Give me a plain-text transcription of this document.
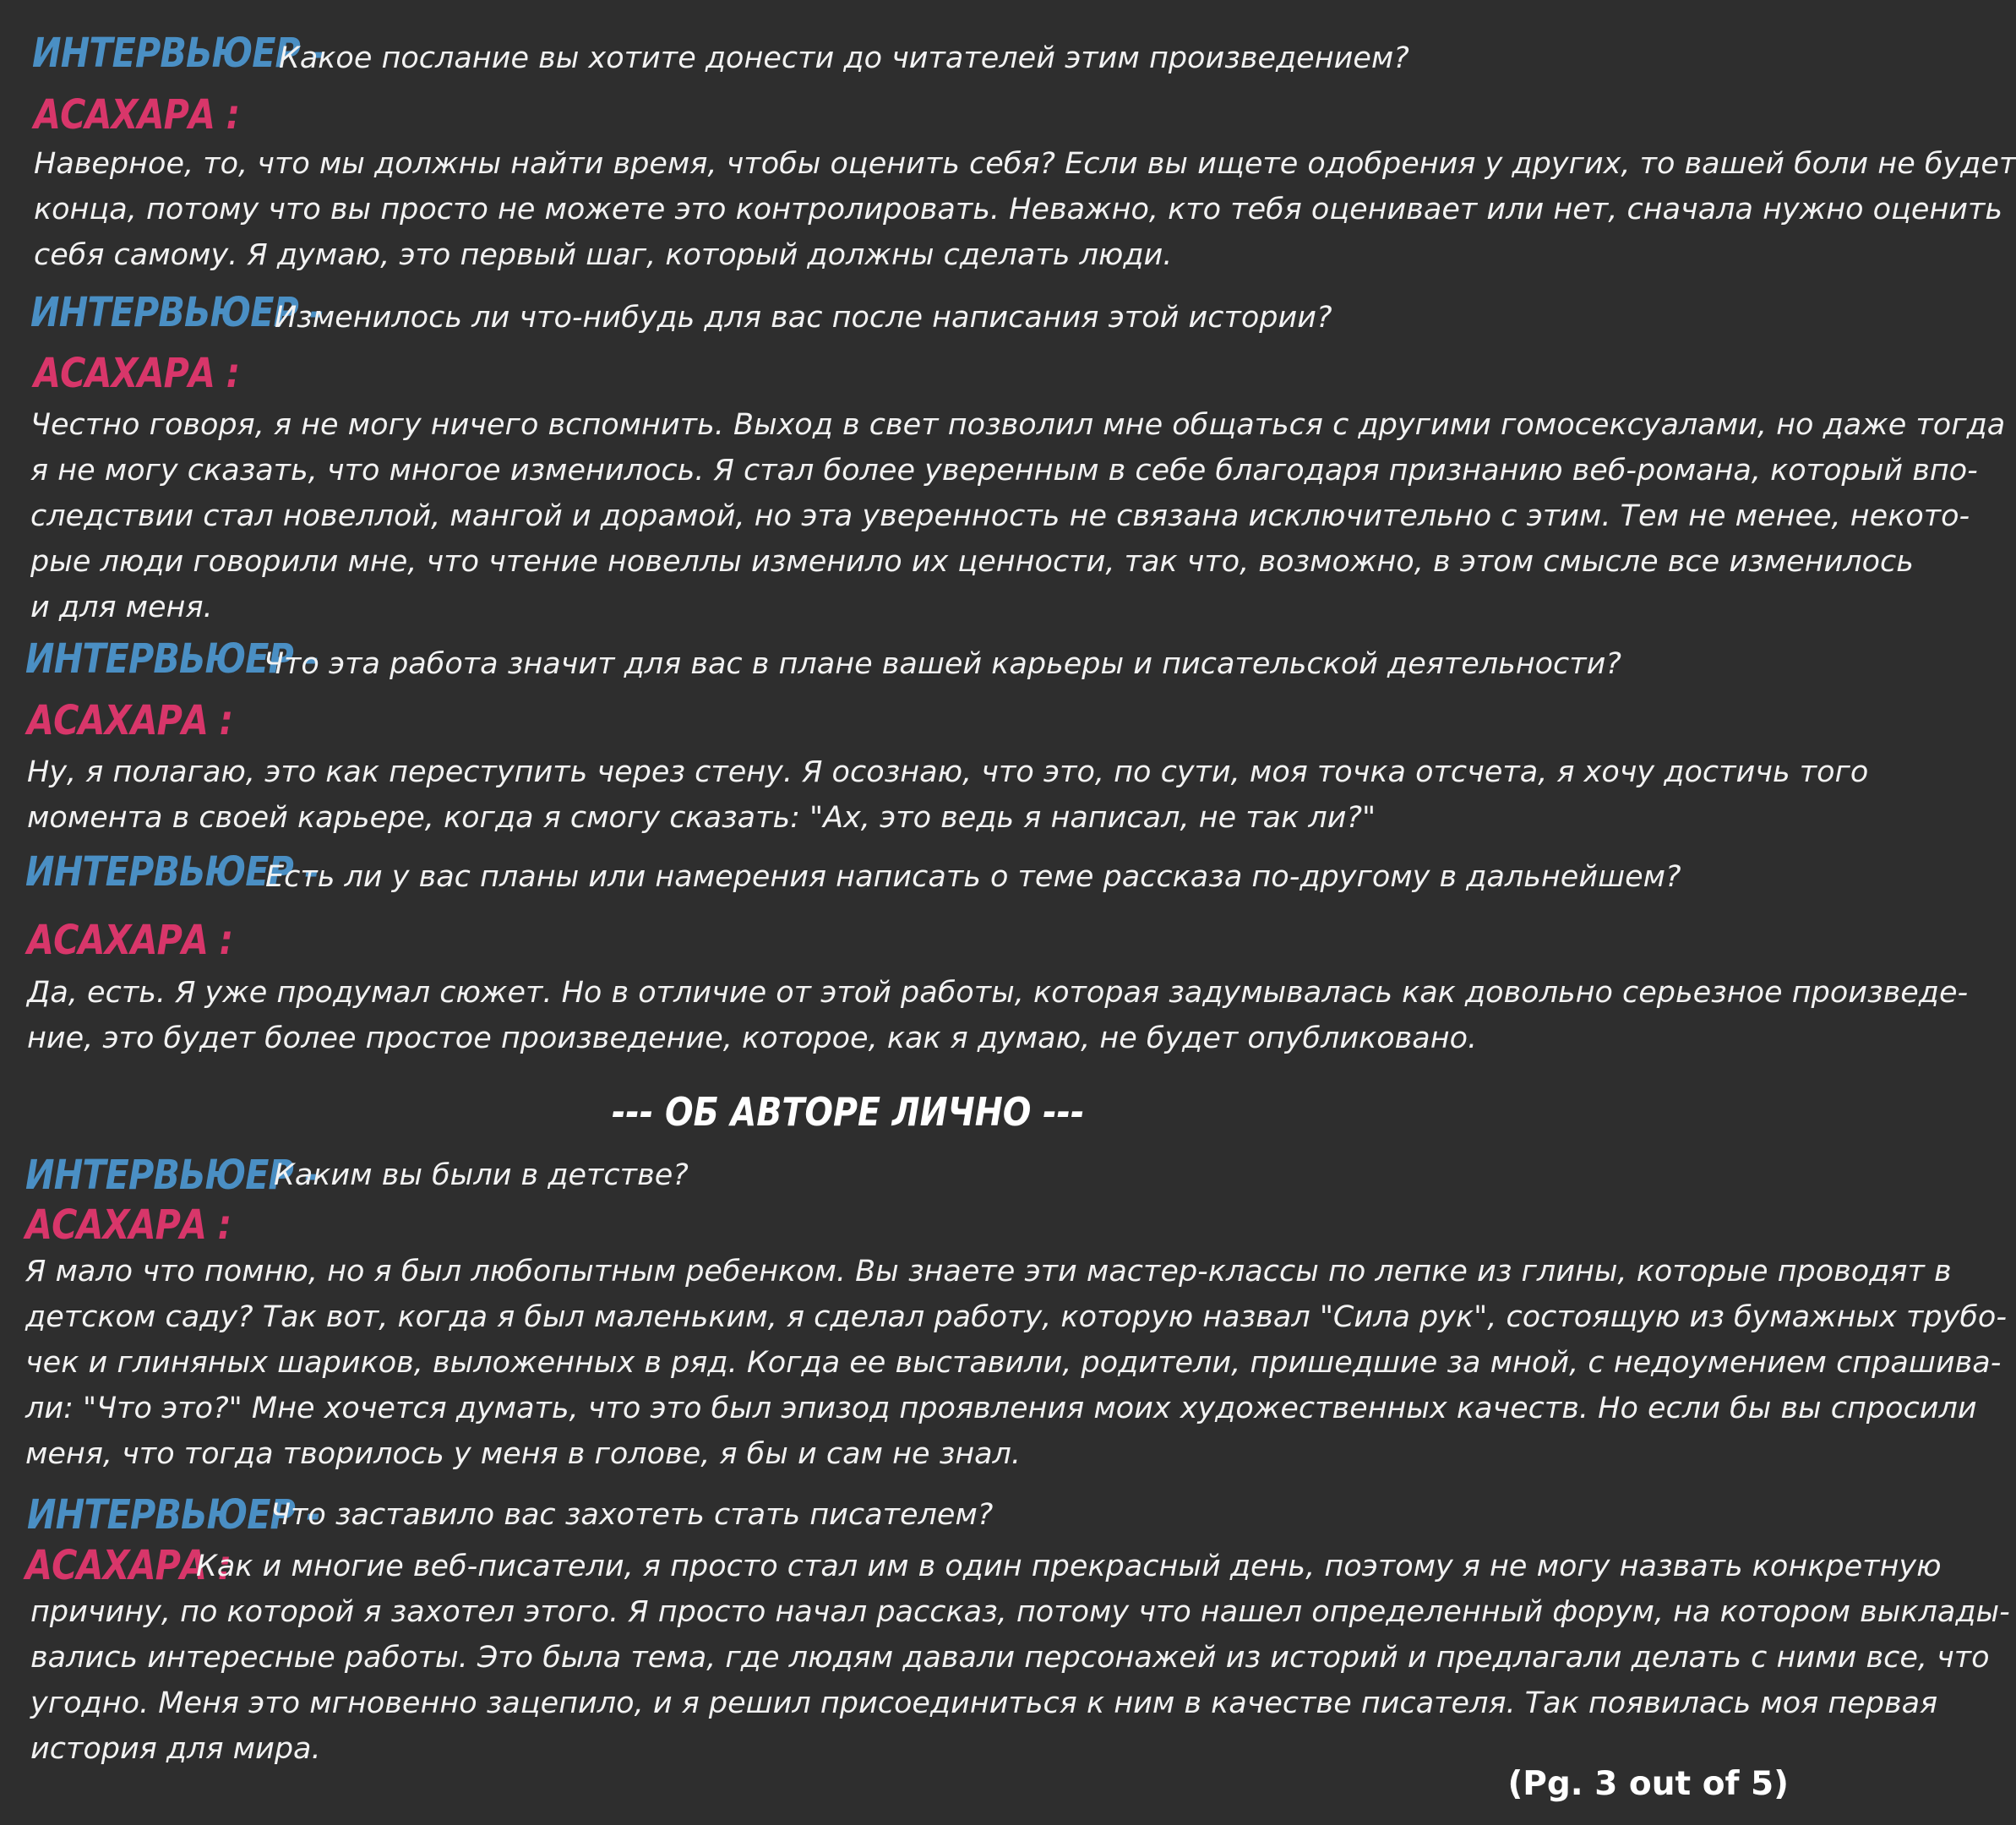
ИНТЕРВЬЮЕР -
Какое послание вы хотите донести до читателей этим произведением?
АСАХАРА :
Наверное, то, что мы должны найти время, чтобы оценить себя? Если вы ищете одобрения у других, то вашей боли не будет
конца, потому что вы просто не можете это контролировать. Неважно, кто тебя оценивает или нет, сначала нужно оценить
себя самому. Я думаю, это первый шаг, который должны сделать люди.
ИНТЕРВЬЮЕР -
Изменилось ли что-нибудь для вас после написания этой истории?
АСАХАРА :
Честно говоря, я не могу ничего вспомнить. Выход в свет позволил мне общаться с другими гомосексуалами, но даже тогда
я не могу сказать, что многое изменилось. Я стал более уверенным в себе благодаря признанию веб-романа, который впо-
следствии стал новеллой, мангой и дорамой, но эта уверенность не связана исключительно с этим. Тем не менее, некото-
рые люди говорили мне, что чтение новеллы изменило их ценности, так что, возможно, в этом смысле все изменилось
и для меня.
ИНТЕРВЬЮЕР -
Что эта работа значит для вас в плане вашей карьеры и писательской деятельности?
АСАХАРА :
Ну, я полагаю, это как переступить через стену. Я осознаю, что это, по сути, моя точка отсчета, я хочу достичь того
момента в своей карьере, когда я смогу сказать: "Ах, это ведь я написал, не так ли?"
ИНТЕРВЬЮЕР -
Есть ли у вас планы или намерения написать о теме рассказа по-другому в дальнейшем?
АСАХАРА :
Да, есть. Я уже продумал сюжет. Но в отличие от этой работы, которая задумывалась как довольно серьезное произведе-
ние, это будет более простое произведение, которое, как я думаю, не будет опубликовано.
--- ОБ АВТОРЕ ЛИЧНО ---
ИНТЕРВЬЮЕР -
Каким вы были в детстве?
АСАХАРА :
Я мало что помню, но я был любопытным ребенком. Вы знаете эти мастер-классы по лепке из глины, которые проводят в
детском саду? Так вот, когда я был маленьким, я сделал работу, которую назвал "Сила рук", состоящую из бумажных трубо-
чек и глиняных шариков, выложенных в ряд. Когда ее выставили, родители, пришедшие за мной, с недоумением спрашива-
ли: "Что это?" Мне хочется думать, что это был эпизод проявления моих художественных качеств. Но если бы вы спросили
меня, что тогда творилось у меня в голове, я бы и сам не знал.
ИНТЕРВЬЮЕР -
Что заставило вас захотеть стать писателем?
АСАХАРА :
Как и многие веб-писатели, я просто стал им в один прекрасный день, поэтому я не могу назвать конкретную
причину, по которой я захотел этого. Я просто начал рассказ, потому что нашел определенный форум, на котором выклады-
вались интересные работы. Это была тема, где людям давали персонажей из историй и предлагали делать с ними все, что
угодно. Меня это мгновенно зацепило, и я решил присоединиться к ним в качестве писателя. Так появилась моя первая
история для мира.
(Pg. 3 out of 5)
